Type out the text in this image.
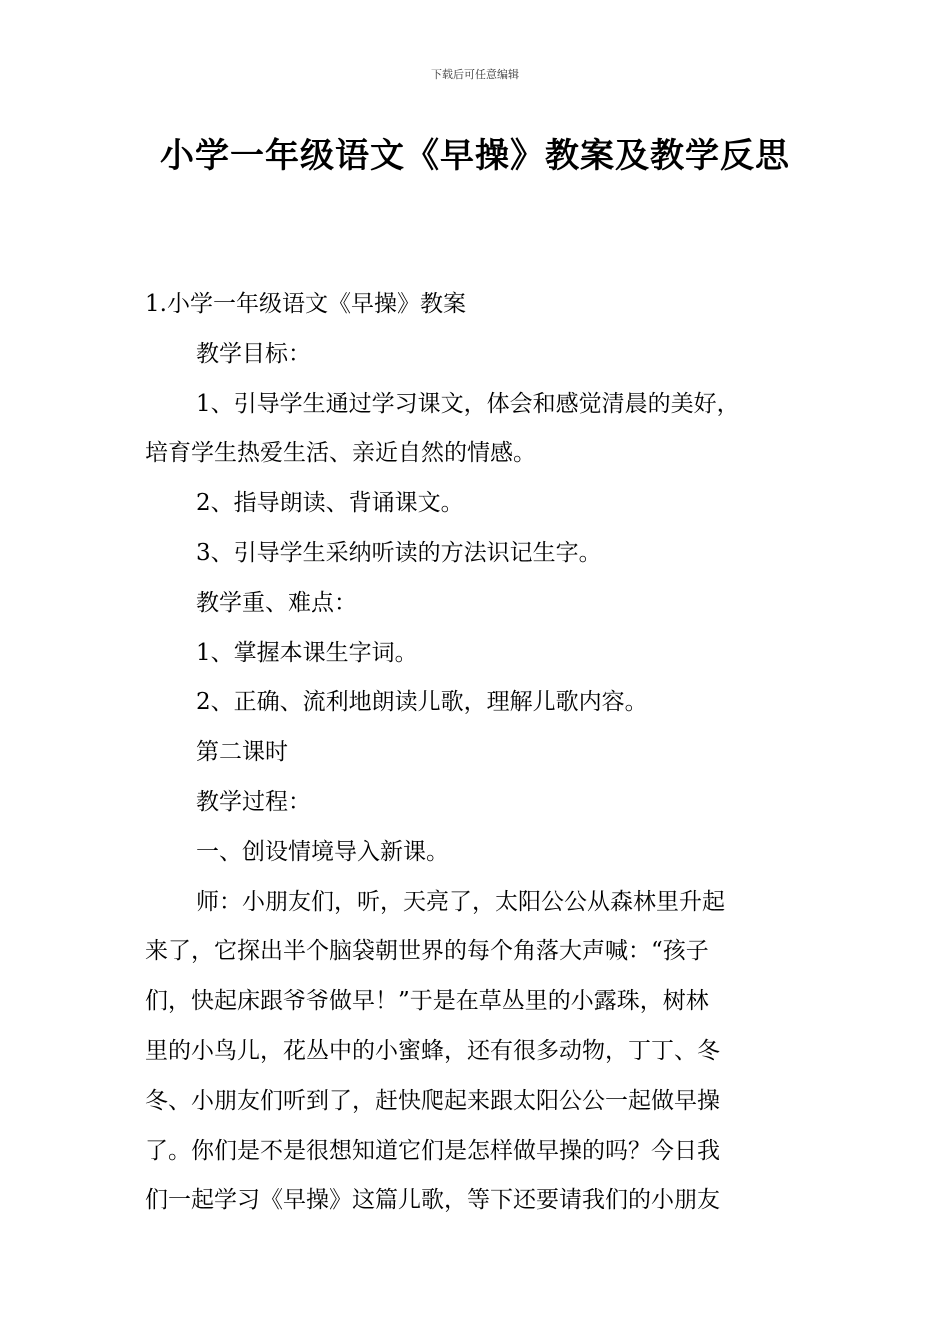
下载后可任意编辑
小学一年级语文《早操》教案及教学反思
1.小学一年级语文《早操》教案
教学目标：
1、引导学生通过学习课文，体会和感觉清晨的美好，
培育学生热爱生活、亲近自然的情感。
2、指导朗读、背诵课文。
3、引导学生采纳听读的方法识记生字。
教学重、难点：
1、掌握本课生字词。
2、正确、流利地朗读儿歌，理解儿歌内容。
第二课时
教学过程：
一、创设情境导入新课。
师：小朋友们，听，天亮了，太阳公公从森林里升起
来了，它探出半个脑袋朝世界的每个角落大声喊：“孩子
们，快起床跟爷爷做早！”于是在草丛里的小露珠，树林
里的小鸟儿，花丛中的小蜜蜂，还有很多动物，丁丁、冬
冬、小朋友们听到了，赶快爬起来跟太阳公公一起做早操
了。你们是不是很想知道它们是怎样做早操的吗？今日我
们一起学习《早操》这篇儿歌，等下还要请我们的小朋友
